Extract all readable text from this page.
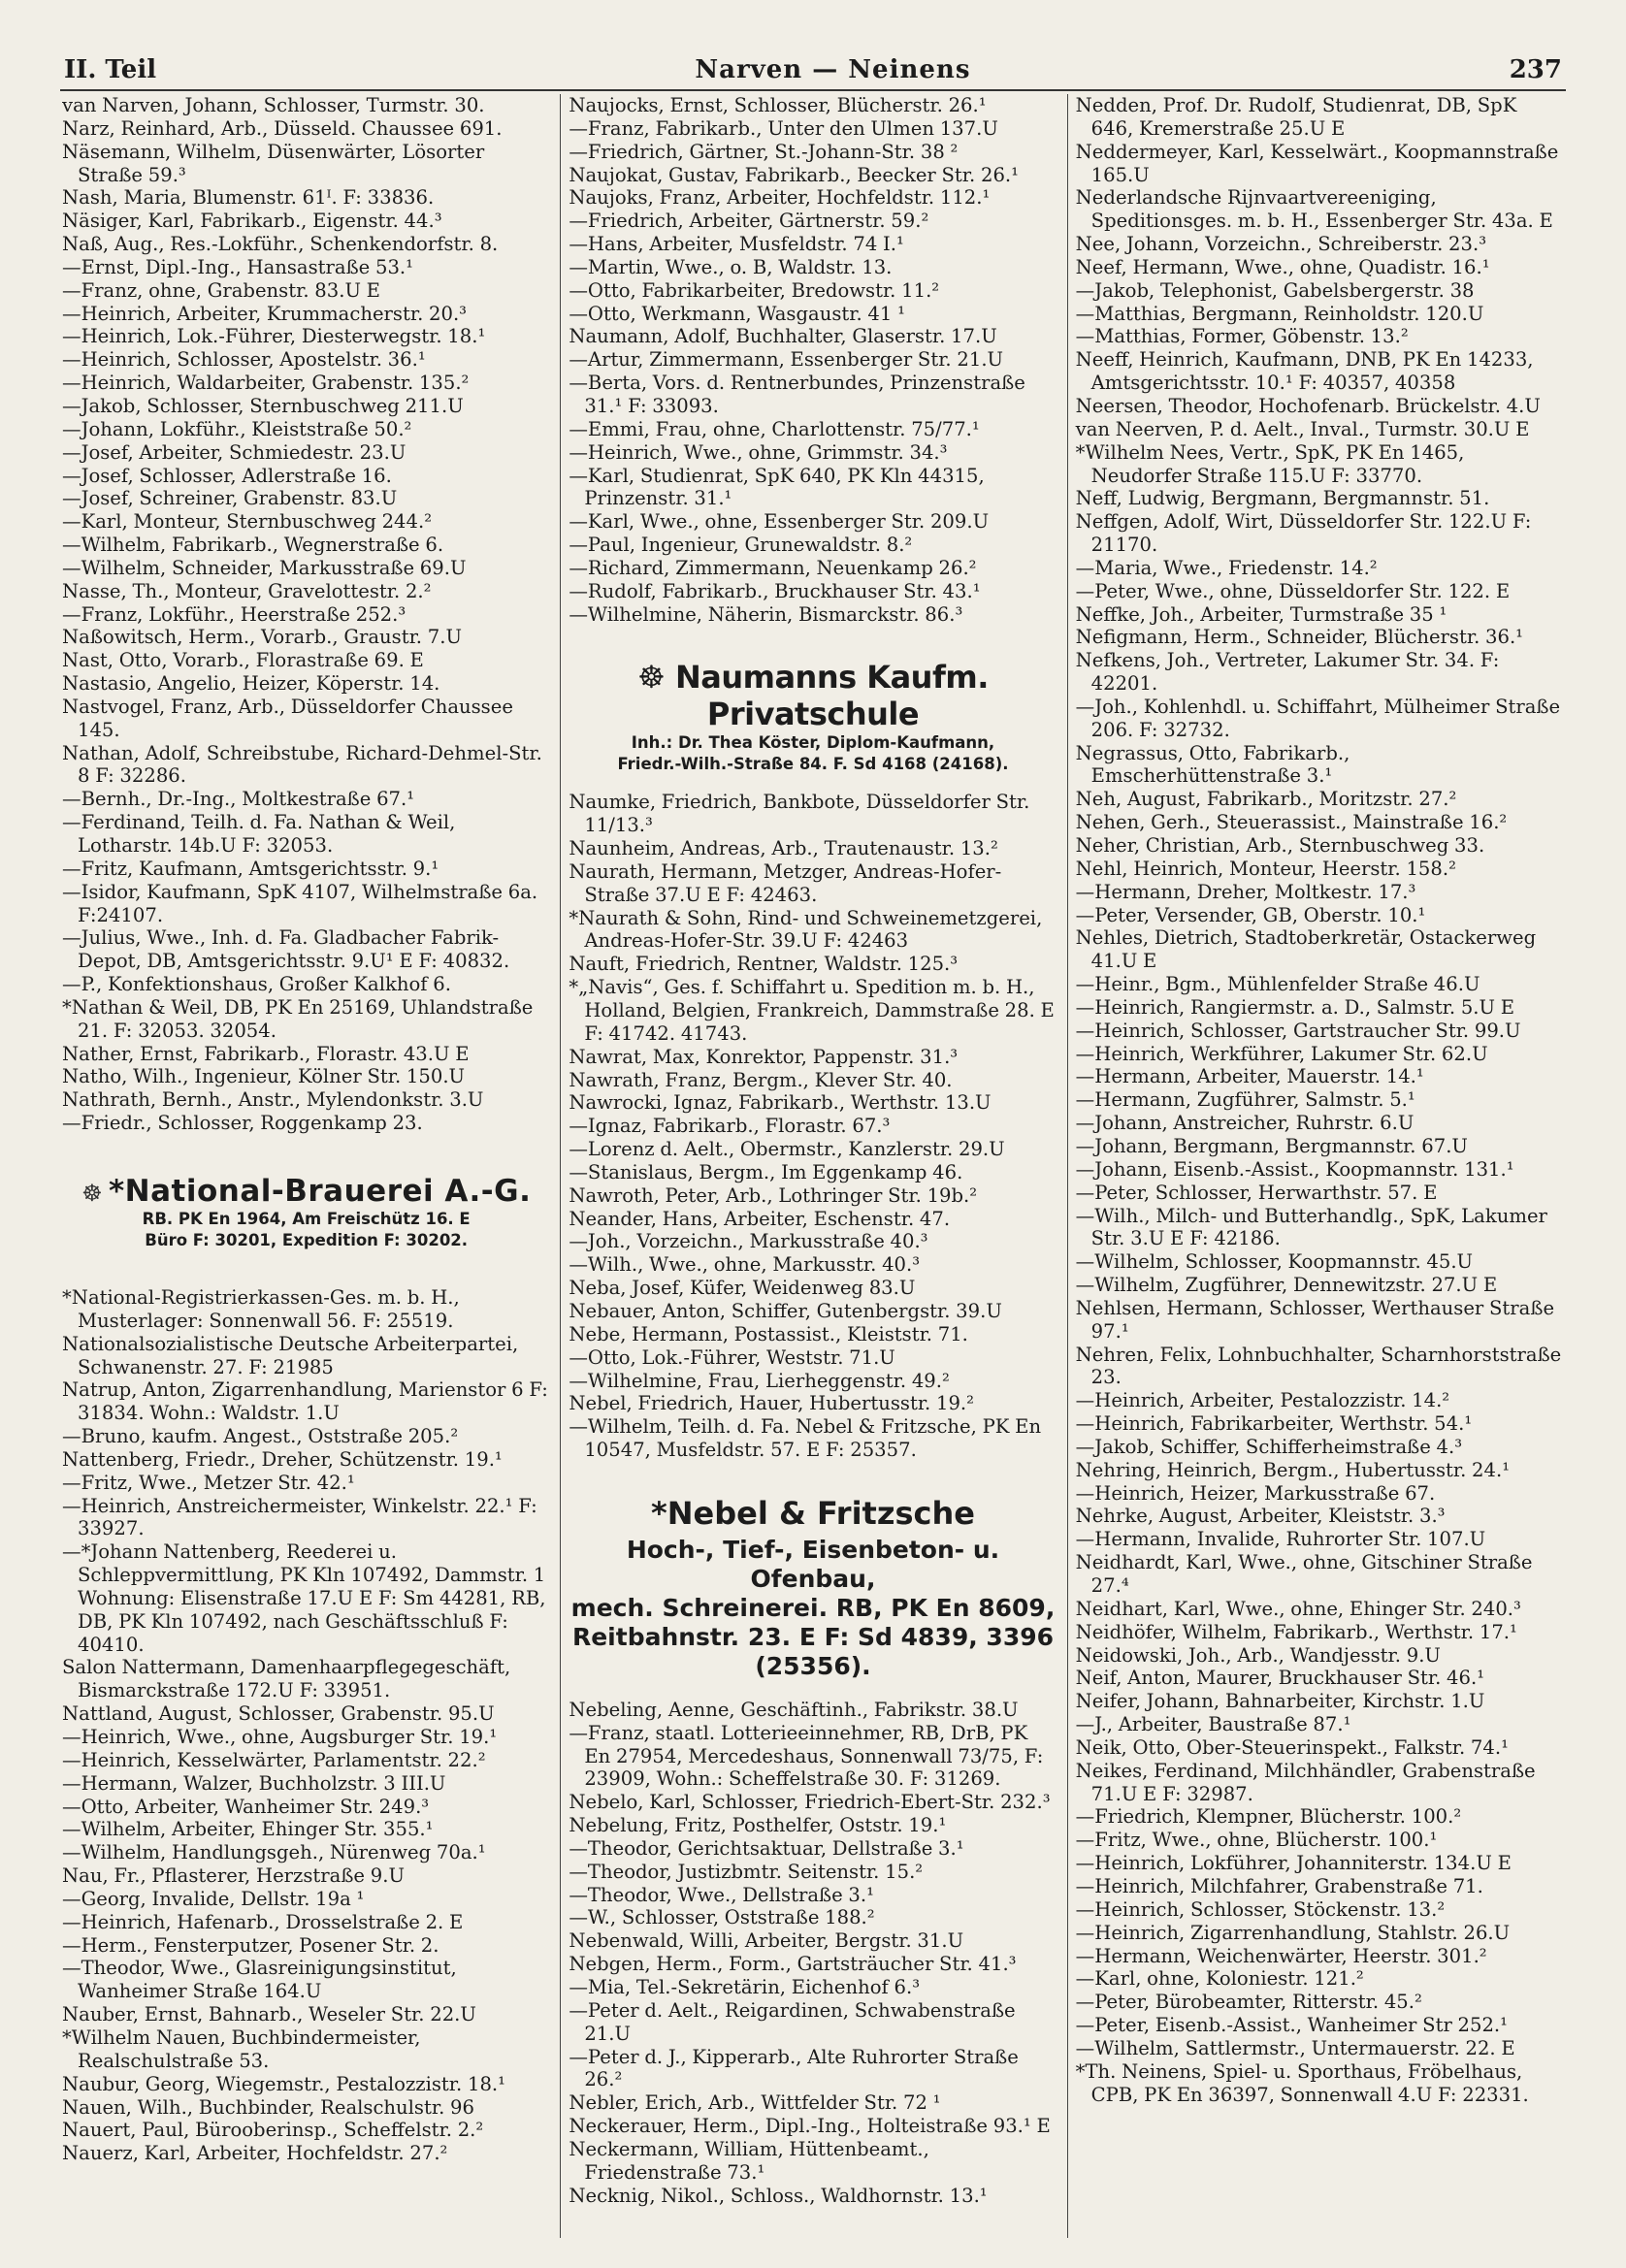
II. Teil	Narven — Neinens	237
van Narven, Johann, Schlosser, Turmstr. 30.
Narz, Reinhard, Arb., Düsseld. Chaussee 691.
Näsemann, Wilhelm, Düsenwärter, Lösorter Straße 59.³
Nash, Maria, Blumenstr. 61ᴵ. F: 33836.
Näsiger, Karl, Fabrikarb., Eigenstr. 44.³
Naß, Aug., Res.-Lokführ., Schenkendorfstr. 8.
—Ernst, Dipl.-Ing., Hansastraße 53.¹
—Franz, ohne, Grabenstr. 83.U E
—Heinrich, Arbeiter, Krummacherstr. 20.³
—Heinrich, Lok.-Führer, Diesterwegstr. 18.¹
—Heinrich, Schlosser, Apostelstr. 36.¹
—Heinrich, Waldarbeiter, Grabenstr. 135.²
—Jakob, Schlosser, Sternbuschweg 211.U
—Johann, Lokführ., Kleiststraße 50.²
—Josef, Arbeiter, Schmiedestr. 23.U
—Josef, Schlosser, Adlerstraße 16.
—Josef, Schreiner, Grabenstr. 83.U
—Karl, Monteur, Sternbuschweg 244.²
—Wilhelm, Fabrikarb., Wegnerstraße 6.
—Wilhelm, Schneider, Markusstraße 69.U
Nasse, Th., Monteur, Gravelottestr. 2.²
—Franz, Lokführ., Heerstraße 252.³
Naßowitsch, Herm., Vorarb., Graustr. 7.U
Nast, Otto, Vorarb., Florastraße 69. E
Nastasio, Angelio, Heizer, Köperstr. 14.
Nastvogel, Franz, Arb., Düsseldorfer Chaussee 145.
Nathan, Adolf, Schreibstube, Richard-Dehmel-Str. 8 F: 32286.
—Bernh., Dr.-Ing., Moltkestraße 67.¹
—Ferdinand, Teilh. d. Fa. Nathan & Weil, Lotharstr. 14b.U F: 32053.
—Fritz, Kaufmann, Amtsgerichtsstr. 9.¹
—Isidor, Kaufmann, SpK 4107, Wilhelmstraße 6a. F:24107.
—Julius, Wwe., Inh. d. Fa. Gladbacher Fabrik-Depot, DB, Amtsgerichtsstr. 9.U¹ E F: 40832.
—P., Konfektionshaus, Großer Kalkhof 6.
*Nathan & Weil, DB, PK En 25169, Uhlandstraße 21. F: 32053. 32054.
Nather, Ernst, Fabrikarb., Florastr. 43.U E
Natho, Wilh., Ingenieur, Kölner Str. 150.U
Nathrath, Bernh., Anstr., Mylendonkstr. 3.U
—Friedr., Schlosser, Roggenkamp 23.
☸ *National-Brauerei A.-G.
RB. PK En 1964, Am Freischütz 16. E
Büro F: 30201, Expedition F: 30202.
*National-Registrierkassen-Ges. m. b. H., Musterlager: Sonnenwall 56. F: 25519.
Nationalsozialistische Deutsche Arbeiterpartei, Schwanenstr. 27. F: 21985
Natrup, Anton, Zigarrenhandlung, Marienstor 6 F: 31834. Wohn.: Waldstr. 1.U
—Bruno, kaufm. Angest., Oststraße 205.²
Nattenberg, Friedr., Dreher, Schützenstr. 19.¹
—Fritz, Wwe., Metzer Str. 42.¹
—Heinrich, Anstreichermeister, Winkelstr. 22.¹ F: 33927.
—*Johann Nattenberg, Reederei u. Schleppvermittlung, PK Kln 107492, Dammstr. 1 Wohnung: Elisenstraße 17.U E F: Sm 44281, RB, DB, PK Kln 107492, nach Geschäftsschluß F: 40410.
Salon Nattermann, Damenhaarpflegegeschäft, Bismarckstraße 172.U F: 33951.
Nattland, August, Schlosser, Grabenstr. 95.U
—Heinrich, Wwe., ohne, Augsburger Str. 19.¹
—Heinrich, Kesselwärter, Parlamentstr. 22.²
—Hermann, Walzer, Buchholzstr. 3 III.U
—Otto, Arbeiter, Wanheimer Str. 249.³
—Wilhelm, Arbeiter, Ehinger Str. 355.¹
—Wilhelm, Handlungsgeh., Nürenweg 70a.¹
Nau, Fr., Pflasterer, Herzstraße 9.U
—Georg, Invalide, Dellstr. 19a ¹
—Heinrich, Hafenarb., Drosselstraße 2. E
—Herm., Fensterputzer, Posener Str. 2.
—Theodor, Wwe., Glasreinigungsinstitut, Wanheimer Straße 164.U
Nauber, Ernst, Bahnarb., Weseler Str. 22.U
*Wilhelm Nauen, Buchbindermeister, Realschulstraße 53.
Naubur, Georg, Wiegemstr., Pestalozzistr. 18.¹
Nauen, Wilh., Buchbinder, Realschulstr. 96
Nauert, Paul, Bürooberinsp., Scheffelstr. 2.²
Nauerz, Karl, Arbeiter, Hochfeldstr. 27.²
Naujocks, Ernst, Schlosser, Blücherstr. 26.¹
—Franz, Fabrikarb., Unter den Ulmen 137.U
—Friedrich, Gärtner, St.-Johann-Str. 38 ²
Naujokat, Gustav, Fabrikarb., Beecker Str. 26.¹
Naujoks, Franz, Arbeiter, Hochfeldstr. 112.¹
—Friedrich, Arbeiter, Gärtnerstr. 59.²
—Hans, Arbeiter, Musfeldstr. 74 I.¹
—Martin, Wwe., o. B, Waldstr. 13.
—Otto, Fabrikarbeiter, Bredowstr. 11.²
—Otto, Werkmann, Wasgaustr. 41 ¹
Naumann, Adolf, Buchhalter, Glaserstr. 17.U
—Artur, Zimmermann, Essenberger Str. 21.U
—Berta, Vors. d. Rentnerbundes, Prinzenstraße 31.¹ F: 33093.
—Emmi, Frau, ohne, Charlottenstr. 75/77.¹
—Heinrich, Wwe., ohne, Grimmstr. 34.³
—Karl, Studienrat, SpK 640, PK Kln 44315, Prinzenstr. 31.¹
—Karl, Wwe., ohne, Essenberger Str. 209.U
—Paul, Ingenieur, Grunewaldstr. 8.²
—Richard, Zimmermann, Neuenkamp 26.²
—Rudolf, Fabrikarb., Bruckhauser Str. 43.¹
—Wilhelmine, Näherin, Bismarckstr. 86.³
☸ Naumanns Kaufm. Privatschule
Inh.: Dr. Thea Köster, Diplom-Kaufmann,
Friedr.-Wilh.-Straße 84. F. Sd 4168 (24168).
Naumke, Friedrich, Bankbote, Düsseldorfer Str. 11/13.³
Naunheim, Andreas, Arb., Trautenaustr. 13.²
Naurath, Hermann, Metzger, Andreas-Hofer-Straße 37.U E F: 42463.
*Naurath & Sohn, Rind- und Schweinemetzgerei, Andreas-Hofer-Str. 39.U F: 42463
Nauft, Friedrich, Rentner, Waldstr. 125.³
*„Navis“, Ges. f. Schiffahrt u. Spedition m. b. H., Holland, Belgien, Frankreich, Dammstraße 28. E F: 41742. 41743.
Nawrat, Max, Konrektor, Pappenstr. 31.³
Nawrath, Franz, Bergm., Klever Str. 40.
Nawrocki, Ignaz, Fabrikarb., Werthstr. 13.U
—Ignaz, Fabrikarb., Florastr. 67.³
—Lorenz d. Aelt., Obermstr., Kanzlerstr. 29.U
—Stanislaus, Bergm., Im Eggenkamp 46.
Nawroth, Peter, Arb., Lothringer Str. 19b.²
Neander, Hans, Arbeiter, Eschenstr. 47.
—Joh., Vorzeichn., Markusstraße 40.³
—Wilh., Wwe., ohne, Markusstr. 40.³
Neba, Josef, Küfer, Weidenweg 83.U
Nebauer, Anton, Schiffer, Gutenbergstr. 39.U
Nebe, Hermann, Postassist., Kleiststr. 71.
—Otto, Lok.-Führer, Weststr. 71.U
—Wilhelmine, Frau, Lierheggenstr. 49.²
Nebel, Friedrich, Hauer, Hubertusstr. 19.²
—Wilhelm, Teilh. d. Fa. Nebel & Fritzsche, PK En 10547, Musfeldstr. 57. E F: 25357.
*Nebel & Fritzsche
Hoch-, Tief-, Eisenbeton- u. Ofenbau,
mech. Schreinerei. RB, PK En 8609,
Reitbahnstr. 23. E F: Sd 4839, 3396
(25356).
Nebeling, Aenne, Geschäftinh., Fabrikstr. 38.U
—Franz, staatl. Lotterieeinnehmer, RB, DrB, PK En 27954, Mercedeshaus, Sonnenwall 73/75, F: 23909, Wohn.: Scheffelstraße 30. F: 31269.
Nebelo, Karl, Schlosser, Friedrich-Ebert-Str. 232.³
Nebelung, Fritz, Posthelfer, Oststr. 19.¹
—Theodor, Gerichtsaktuar, Dellstraße 3.¹
—Theodor, Justizbmtr. Seitenstr. 15.²
—Theodor, Wwe., Dellstraße 3.¹
—W., Schlosser, Oststraße 188.²
Nebenwald, Willi, Arbeiter, Bergstr. 31.U
Nebgen, Herm., Form., Gartsträucher Str. 41.³
—Mia, Tel.-Sekretärin, Eichenhof 6.³
—Peter d. Aelt., Reigardinen, Schwabenstraße 21.U
—Peter d. J., Kipperarb., Alte Ruhrorter Straße 26.²
Nebler, Erich, Arb., Wittfelder Str. 72 ¹
Neckerauer, Herm., Dipl.-Ing., Holteistraße 93.¹ E
Neckermann, William, Hüttenbeamt., Friedenstraße 73.¹
Necknig, Nikol., Schloss., Waldhornstr. 13.¹
Nedden, Prof. Dr. Rudolf, Studienrat, DB, SpK 646, Kremerstraße 25.U E
Neddermeyer, Karl, Kesselwärt., Koopmannstraße 165.U
Nederlandsche Rijnvaartvereeniging, Speditionsges. m. b. H., Essenberger Str. 43a. E
Nee, Johann, Vorzeichn., Schreiberstr. 23.³
Neef, Hermann, Wwe., ohne, Quadistr. 16.¹
—Jakob, Telephonist, Gabelsbergerstr. 38
—Matthias, Bergmann, Reinholdstr. 120.U
—Matthias, Former, Göbenstr. 13.²
Neeff, Heinrich, Kaufmann, DNB, PK En 14233, Amtsgerichtsstr. 10.¹ F: 40357, 40358
Neersen, Theodor, Hochofenarb. Brückelstr. 4.U
van Neerven, P. d. Aelt., Inval., Turmstr. 30.U E
*Wilhelm Nees, Vertr., SpK, PK En 1465, Neudorfer Straße 115.U F: 33770.
Neff, Ludwig, Bergmann, Bergmannstr. 51.
Neffgen, Adolf, Wirt, Düsseldorfer Str. 122.U F: 21170.
—Maria, Wwe., Friedenstr. 14.²
—Peter, Wwe., ohne, Düsseldorfer Str. 122. E
Neffke, Joh., Arbeiter, Turmstraße 35 ¹
Nefigmann, Herm., Schneider, Blücherstr. 36.¹
Nefkens, Joh., Vertreter, Lakumer Str. 34. F: 42201.
—Joh., Kohlenhdl. u. Schiffahrt, Mülheimer Straße 206. F: 32732.
Negrassus, Otto, Fabrikarb., Emscherhüttenstraße 3.¹
Neh, August, Fabrikarb., Moritzstr. 27.²
Nehen, Gerh., Steuerassist., Mainstraße 16.²
Neher, Christian, Arb., Sternbuschweg 33.
Nehl, Heinrich, Monteur, Heerstr. 158.²
—Hermann, Dreher, Moltkestr. 17.³
—Peter, Versender, GB, Oberstr. 10.¹
Nehles, Dietrich, Stadtoberkretär, Ostackerweg 41.U E
—Heinr., Bgm., Mühlenfelder Straße 46.U
—Heinrich, Rangiermstr. a. D., Salmstr. 5.U E
—Heinrich, Schlosser, Gartstraucher Str. 99.U
—Heinrich, Werkführer, Lakumer Str. 62.U
—Hermann, Arbeiter, Mauerstr. 14.¹
—Hermann, Zugführer, Salmstr. 5.¹
—Johann, Anstreicher, Ruhrstr. 6.U
—Johann, Bergmann, Bergmannstr. 67.U
—Johann, Eisenb.-Assist., Koopmannstr. 131.¹
—Peter, Schlosser, Herwarthstr. 57. E
—Wilh., Milch- und Butterhandlg., SpK, Lakumer Str. 3.U E F: 42186.
—Wilhelm, Schlosser, Koopmannstr. 45.U
—Wilhelm, Zugführer, Dennewitzstr. 27.U E
Nehlsen, Hermann, Schlosser, Werthauser Straße 97.¹
Nehren, Felix, Lohnbuchhalter, Scharnhorststraße 23.
—Heinrich, Arbeiter, Pestalozzistr. 14.²
—Heinrich, Fabrikarbeiter, Werthstr. 54.¹
—Jakob, Schiffer, Schifferheimstraße 4.³
Nehring, Heinrich, Bergm., Hubertusstr. 24.¹
—Heinrich, Heizer, Markusstraße 67.
Nehrke, August, Arbeiter, Kleiststr. 3.³
—Hermann, Invalide, Ruhrorter Str. 107.U
Neidhardt, Karl, Wwe., ohne, Gitschiner Straße 27.⁴
Neidhart, Karl, Wwe., ohne, Ehinger Str. 240.³
Neidhöfer, Wilhelm, Fabrikarb., Werthstr. 17.¹
Neidowski, Joh., Arb., Wandjesstr. 9.U
Neif, Anton, Maurer, Bruckhauser Str. 46.¹
Neifer, Johann, Bahnarbeiter, Kirchstr. 1.U
—J., Arbeiter, Baustraße 87.¹
Neik, Otto, Ober-Steuerinspekt., Falkstr. 74.¹
Neikes, Ferdinand, Milchhändler, Grabenstraße 71.U E F: 32987.
—Friedrich, Klempner, Blücherstr. 100.²
—Fritz, Wwe., ohne, Blücherstr. 100.¹
—Heinrich, Lokführer, Johanniterstr. 134.U E
—Heinrich, Milchfahrer, Grabenstraße 71.
—Heinrich, Schlosser, Stöckenstr. 13.²
—Heinrich, Zigarrenhandlung, Stahlstr. 26.U
—Hermann, Weichenwärter, Heerstr. 301.²
—Karl, ohne, Koloniestr. 121.²
—Peter, Bürobeamter, Ritterstr. 45.²
—Peter, Eisenb.-Assist., Wanheimer Str 252.¹
—Wilhelm, Sattlermstr., Untermauerstr. 22. E
*Th. Neinens, Spiel- u. Sporthaus, Fröbelhaus, CPB, PK En 36397, Sonnenwall 4.U F: 22331.
